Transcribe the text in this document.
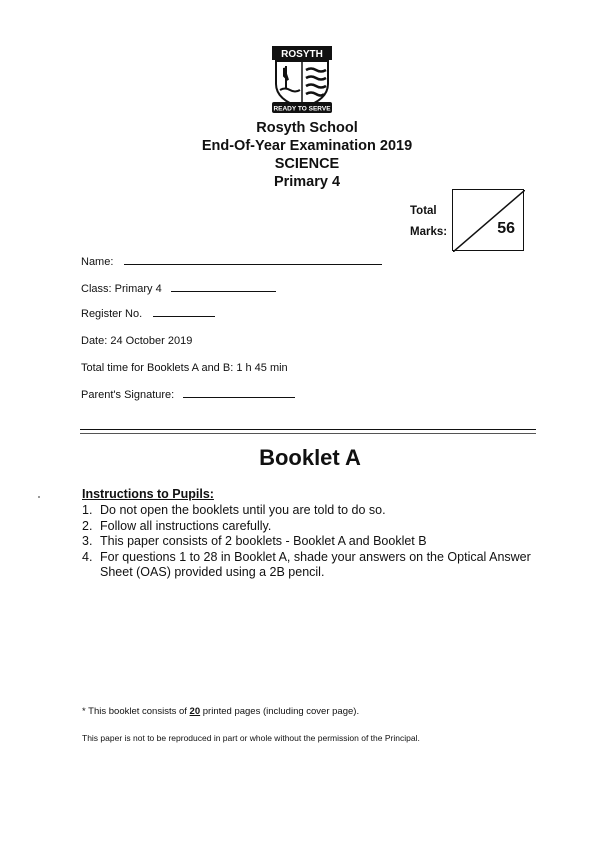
ROSYTH
READY TO SERVE
Rosyth School
End-Of-Year Examination 2019
SCIENCE
Primary 4
Total
Marks:	56
Name:
Class: Primary 4
Register No.
Date: 24 October 2019
Total time for Booklets A and B: 1 h 45 min
Parent's Signature:
Booklet A
Instructions to Pupils:
1. Do not open the booklets until you are told to do so.
2. Follow all instructions carefully.
3. This paper consists of 2 booklets - Booklet A and Booklet B
4. For questions 1 to 28 in Booklet A, shade your answers on the Optical Answer Sheet (OAS) provided using a 2B pencil.
* This booklet consists of 20 printed pages (including cover page).
This paper is not to be reproduced in part or whole without the permission of the Principal.
